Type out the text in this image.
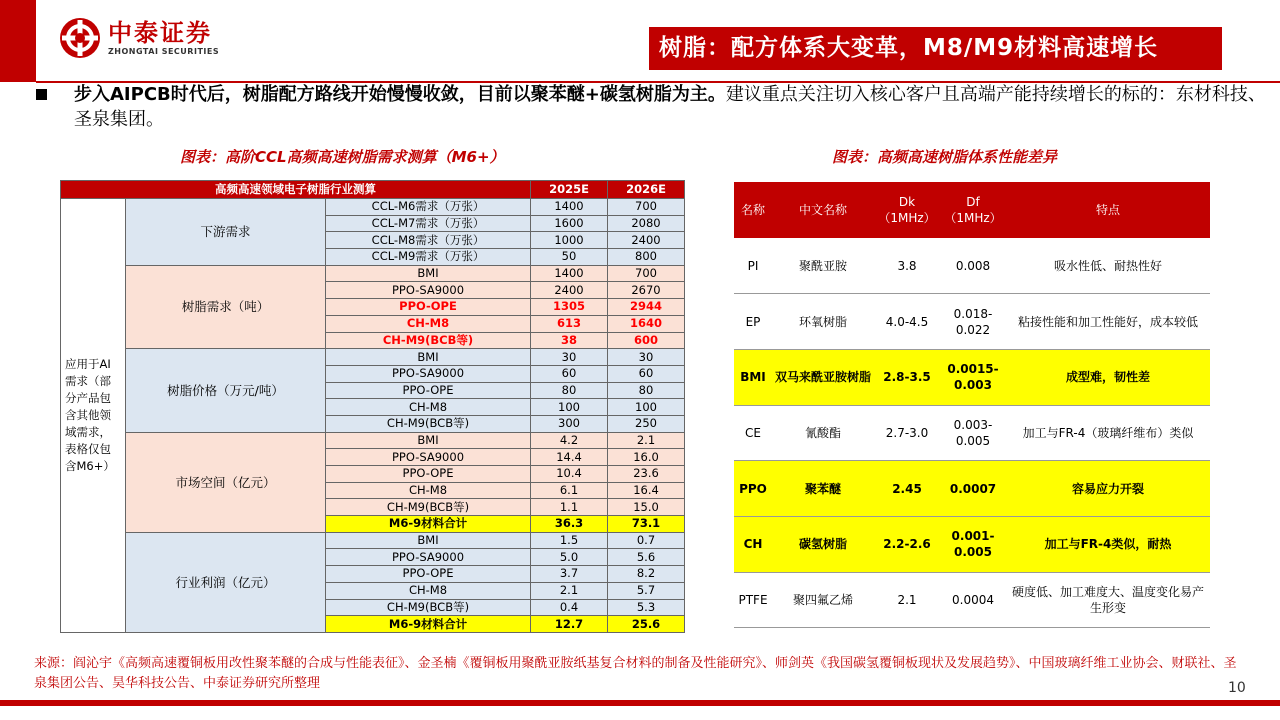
中泰证券
ZHONGTAI SECURITIES	树脂：配方体系大变革，M8/M9材料高速增长

步入AIPCB时代后，树脂配方路线开始慢慢收敛，目前以聚苯醚+碳氢树脂为主。建议重点关注切入核心客户且高端产能持续增长的标的：东材科技、圣泉集团。

图表：高阶CCL高频高速树脂需求测算（M6+）	图表：高频高速树脂体系性能差异
高频高速领域电子树脂行业测算			2025E	2026E
应用于AI需求（部分产品包含其他领域需求，表格仅包含M6+）	下游需求	CCL-M6需求（万张）	1400	700
		CCL-M7需求（万张）	1600	2080
		CCL-M8需求（万张）	1000	2400
		CCL-M9需求（万张）	50	800
	树脂需求（吨）	BMI	1400	700
		PPO-SA9000	2400	2670
		PPO-OPE	1305	2944
		CH-M8	613	1640
		CH-M9(BCB等)	38	600
	树脂价格（万元/吨）	BMI	30	30
		PPO-SA9000	60	60
		PPO-OPE	80	80
		CH-M8	100	100
		CH-M9(BCB等)	300	250
	市场空间（亿元）	BMI	4.2	2.1
		PPO-SA9000	14.4	16.0
		PPO-OPE	10.4	23.6
		CH-M8	6.1	16.4
		CH-M9(BCB等)	1.1	15.0
		M6-9材料合计	36.3	73.1
	行业利润（亿元）	BMI	1.5	0.7
		PPO-SA9000	5.0	5.6
		PPO-OPE	3.7	8.2
		CH-M8	2.1	5.7
		CH-M9(BCB等)	0.4	5.3
		M6-9材料合计	12.7	25.6
名称	中文名称	Dk（1MHz）	Df（1MHz）	特点
PI	聚酰亚胺	3.8	0.008	吸水性低、耐热性好
EP	环氧树脂	4.0-4.5	0.018-0.022	粘接性能和加工性能好，成本较低
BMI	双马来酰亚胺树脂	2.8-3.5	0.0015-0.003	成型难，韧性差
CE	氰酸酯	2.7-3.0	0.003-0.005	加工与FR-4（玻璃纤维布）类似
PPO	聚苯醚	2.45	0.0007	容易应力开裂
CH	碳氢树脂	2.2-2.6	0.001-0.005	加工与FR-4类似，耐热
PTFE	聚四氟乙烯	2.1	0.0004	硬度低、加工难度大、温度变化易产生形变
来源：阎沁宇《高频高速覆铜板用改性聚苯醚的合成与性能表征》、金圣楠《覆铜板用聚酰亚胺纸基复合材料的制备及性能研究》、师剑英《我国碳氢覆铜板现状及发展趋势》、中国玻璃纤维工业协会、财联社、圣泉集团公告、昊华科技公告、中泰证券研究所整理	10
